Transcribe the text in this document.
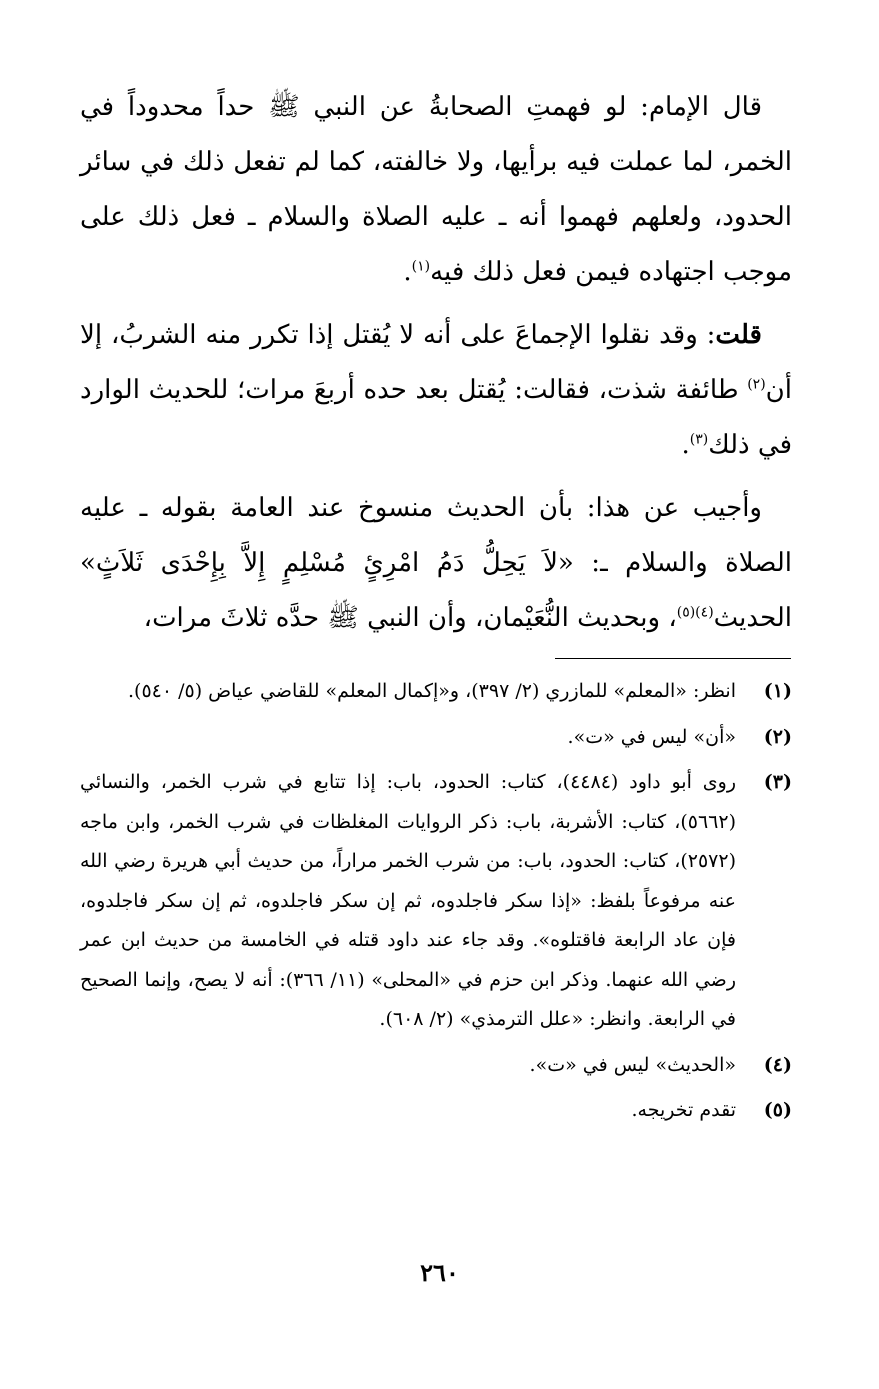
قال الإمام: لو فهمتِ الصحابةُ عن النبي ﷺ حداً محدوداً في الخمر، لما عملت فيه برأيها، ولا خالفته، كما لم تفعل ذلك في سائر الحدود، ولعلهم فهموا أنه ـ عليه الصلاة والسلام ـ فعل ذلك على موجب اجتهاده فيمن فعل ذلك فيه$^{(١)}$.

قلت: وقد نقلوا الإجماعَ على أنه لا يُقتل إذا تكرر منه الشربُ، إلا أن$^{(٢)}$ طائفة شذت، فقالت: يُقتل بعد حده أربعَ مرات؛ للحديث الوارد في ذلك$^{(٣)}$.

وأجيب عن هذا: بأن الحديث منسوخ عند العامة بقوله ـ عليه الصلاة والسلام ـ: «لاَ يَحِلُّ دَمُ امْرِئٍ مُسْلِمٍ إِلاَّ بِإِحْدَى ثَلاَثٍ» الحديث$^{(٤)(٥)}$، وبحديث النُّعَيْمان، وأن النبي ﷺ حدَّه ثلاثَ مرات،

(١)
انظر: «المعلم» للمازري (٢/ ٣٩٧)، و«إكمال المعلم» للقاضي عياض (٥/ ٥٤٠).
(٢)
«أن» ليس في «ت».
(٣)
روى أبو داود (٤٤٨٤)، كتاب: الحدود، باب: إذا تتابع في شرب الخمر، والنسائي (٥٦٦٢)، كتاب: الأشربة، باب: ذكر الروايات المغلظات في شرب الخمر، وابن ماجه (٢٥٧٢)، كتاب: الحدود، باب: من شرب الخمر مراراً، من حديث أبي هريرة رضي الله عنه مرفوعاً بلفظ: «إذا سكر فاجلدوه، ثم إن سكر فاجلدوه، ثم إن سكر فاجلدوه، فإن عاد الرابعة فاقتلوه». وقد جاء عند داود قتله في الخامسة من حديث ابن عمر رضي الله عنهما. وذكر ابن حزم في «المحلى» (١١/ ٣٦٦): أنه لا يصح، وإنما الصحيح في الرابعة. وانظر: «علل الترمذي» (٢/ ٦٠٨).
(٤)
«الحديث» ليس في «ت».
(٥)
تقدم تخريجه.
٢٦٠
